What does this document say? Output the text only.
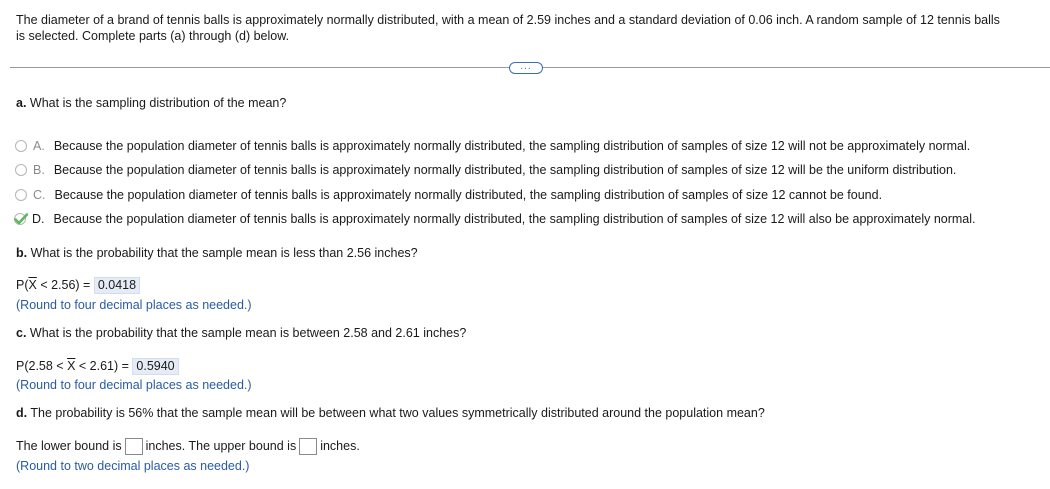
The diameter of a brand of tennis balls is approximately normally distributed, with a mean of 2.59 inches and a standard deviation of 0.06 inch. A random sample of 12 tennis balls
is selected. Complete parts (a) through (d) below.
...
a. What is the sampling distribution of the mean?
A. Because the population diameter of tennis balls is approximately normally distributed, the sampling distribution of samples of size 12 will not be approximately normal.
B. Because the population diameter of tennis balls is approximately normally distributed, the sampling distribution of samples of size 12 will be the uniform distribution.
C. Because the population diameter of tennis balls is approximately normally distributed, the sampling distribution of samples of size 12 cannot be found.
D. Because the population diameter of tennis balls is approximately normally distributed, the sampling distribution of samples of size 12 will also be approximately normal.
b. What is the probability that the sample mean is less than 2.56 inches?
$P(\overline{X} < 2.56) = 0.0418$
(Round to four decimal places as needed.)
c. What is the probability that the sample mean is between 2.58 and 2.61 inches?
$P(2.58 < \overline{X} < 2.61) = 0.5940$
(Round to four decimal places as needed.)
d. The probability is 56% that the sample mean will be between what two values symmetrically distributed around the population mean?
The lower bound is inches. The upper bound is inches.
(Round to two decimal places as needed.)
